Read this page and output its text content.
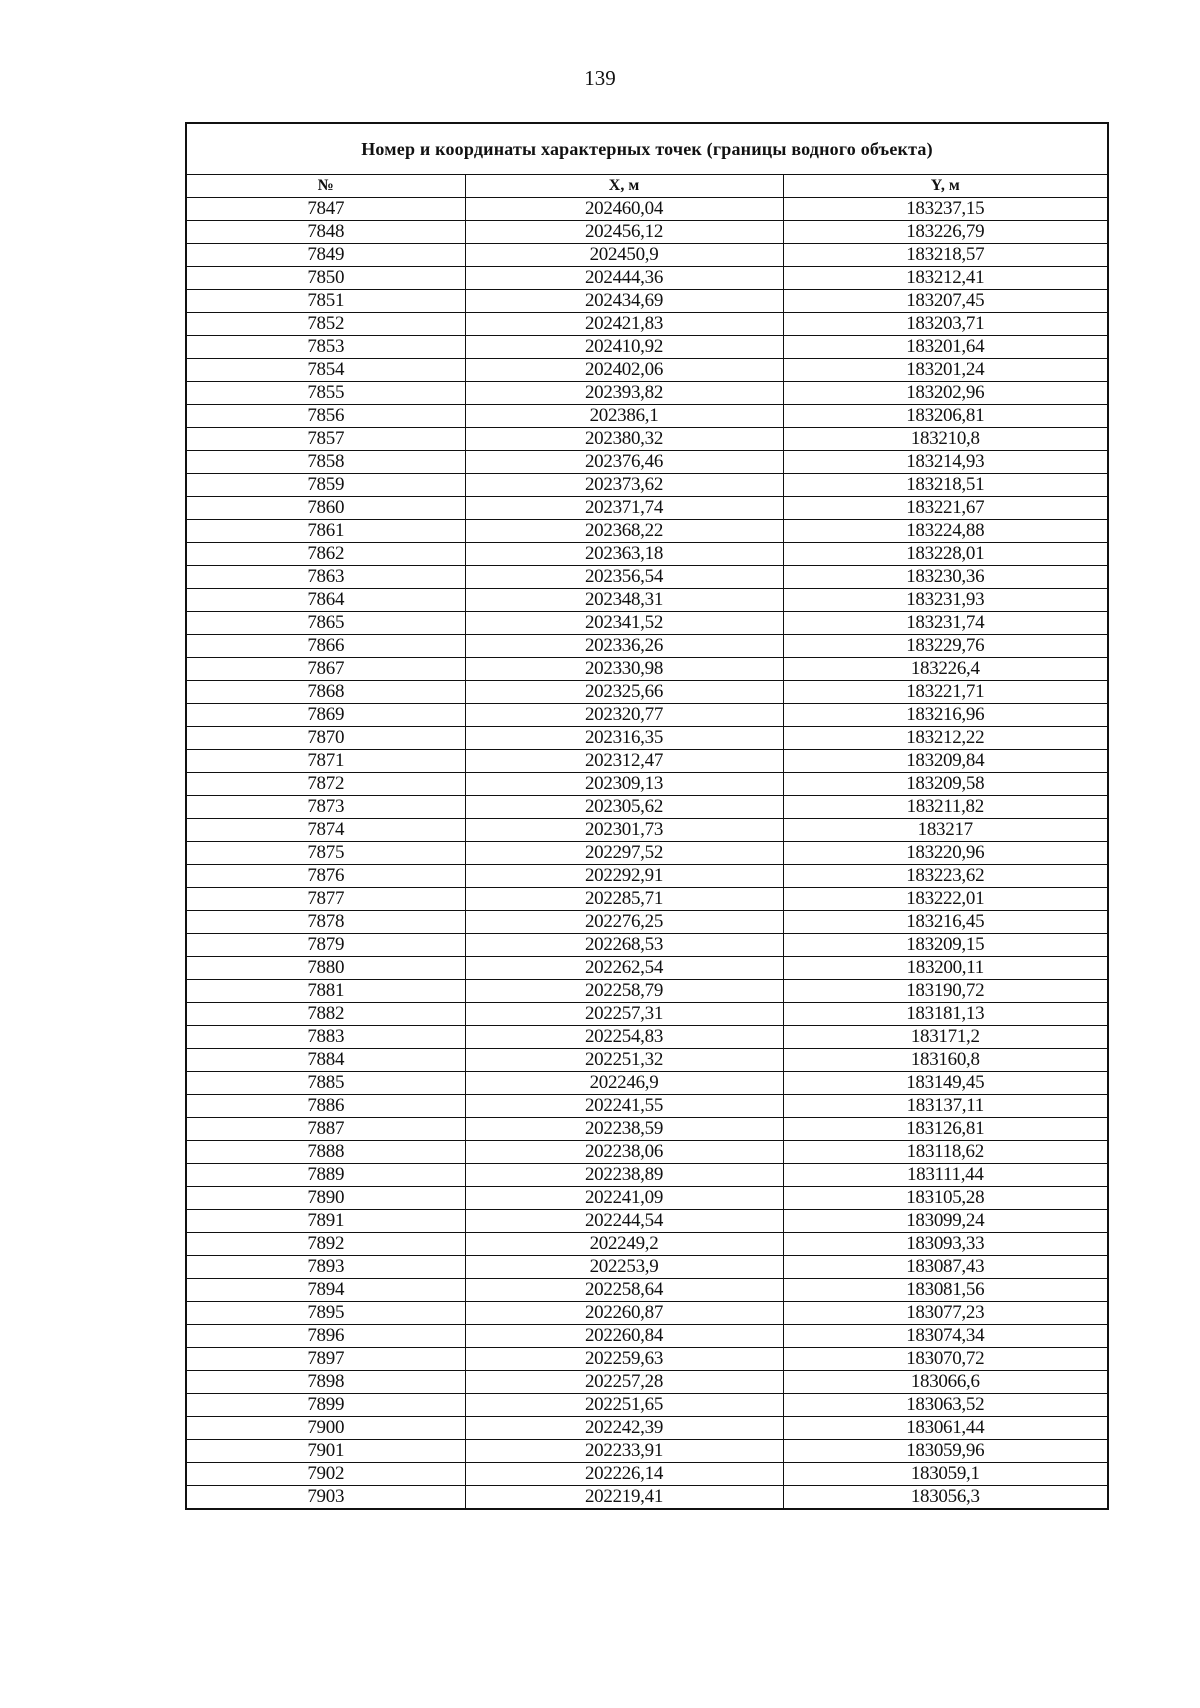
139
Номер и координаты характерных точек (границы водного объекта)		
№	X, м	Y, м
7847	202460,04	183237,15
7848	202456,12	183226,79
7849	202450,9	183218,57
7850	202444,36	183212,41
7851	202434,69	183207,45
7852	202421,83	183203,71
7853	202410,92	183201,64
7854	202402,06	183201,24
7855	202393,82	183202,96
7856	202386,1	183206,81
7857	202380,32	183210,8
7858	202376,46	183214,93
7859	202373,62	183218,51
7860	202371,74	183221,67
7861	202368,22	183224,88
7862	202363,18	183228,01
7863	202356,54	183230,36
7864	202348,31	183231,93
7865	202341,52	183231,74
7866	202336,26	183229,76
7867	202330,98	183226,4
7868	202325,66	183221,71
7869	202320,77	183216,96
7870	202316,35	183212,22
7871	202312,47	183209,84
7872	202309,13	183209,58
7873	202305,62	183211,82
7874	202301,73	183217
7875	202297,52	183220,96
7876	202292,91	183223,62
7877	202285,71	183222,01
7878	202276,25	183216,45
7879	202268,53	183209,15
7880	202262,54	183200,11
7881	202258,79	183190,72
7882	202257,31	183181,13
7883	202254,83	183171,2
7884	202251,32	183160,8
7885	202246,9	183149,45
7886	202241,55	183137,11
7887	202238,59	183126,81
7888	202238,06	183118,62
7889	202238,89	183111,44
7890	202241,09	183105,28
7891	202244,54	183099,24
7892	202249,2	183093,33
7893	202253,9	183087,43
7894	202258,64	183081,56
7895	202260,87	183077,23
7896	202260,84	183074,34
7897	202259,63	183070,72
7898	202257,28	183066,6
7899	202251,65	183063,52
7900	202242,39	183061,44
7901	202233,91	183059,96
7902	202226,14	183059,1
7903	202219,41	183056,3
